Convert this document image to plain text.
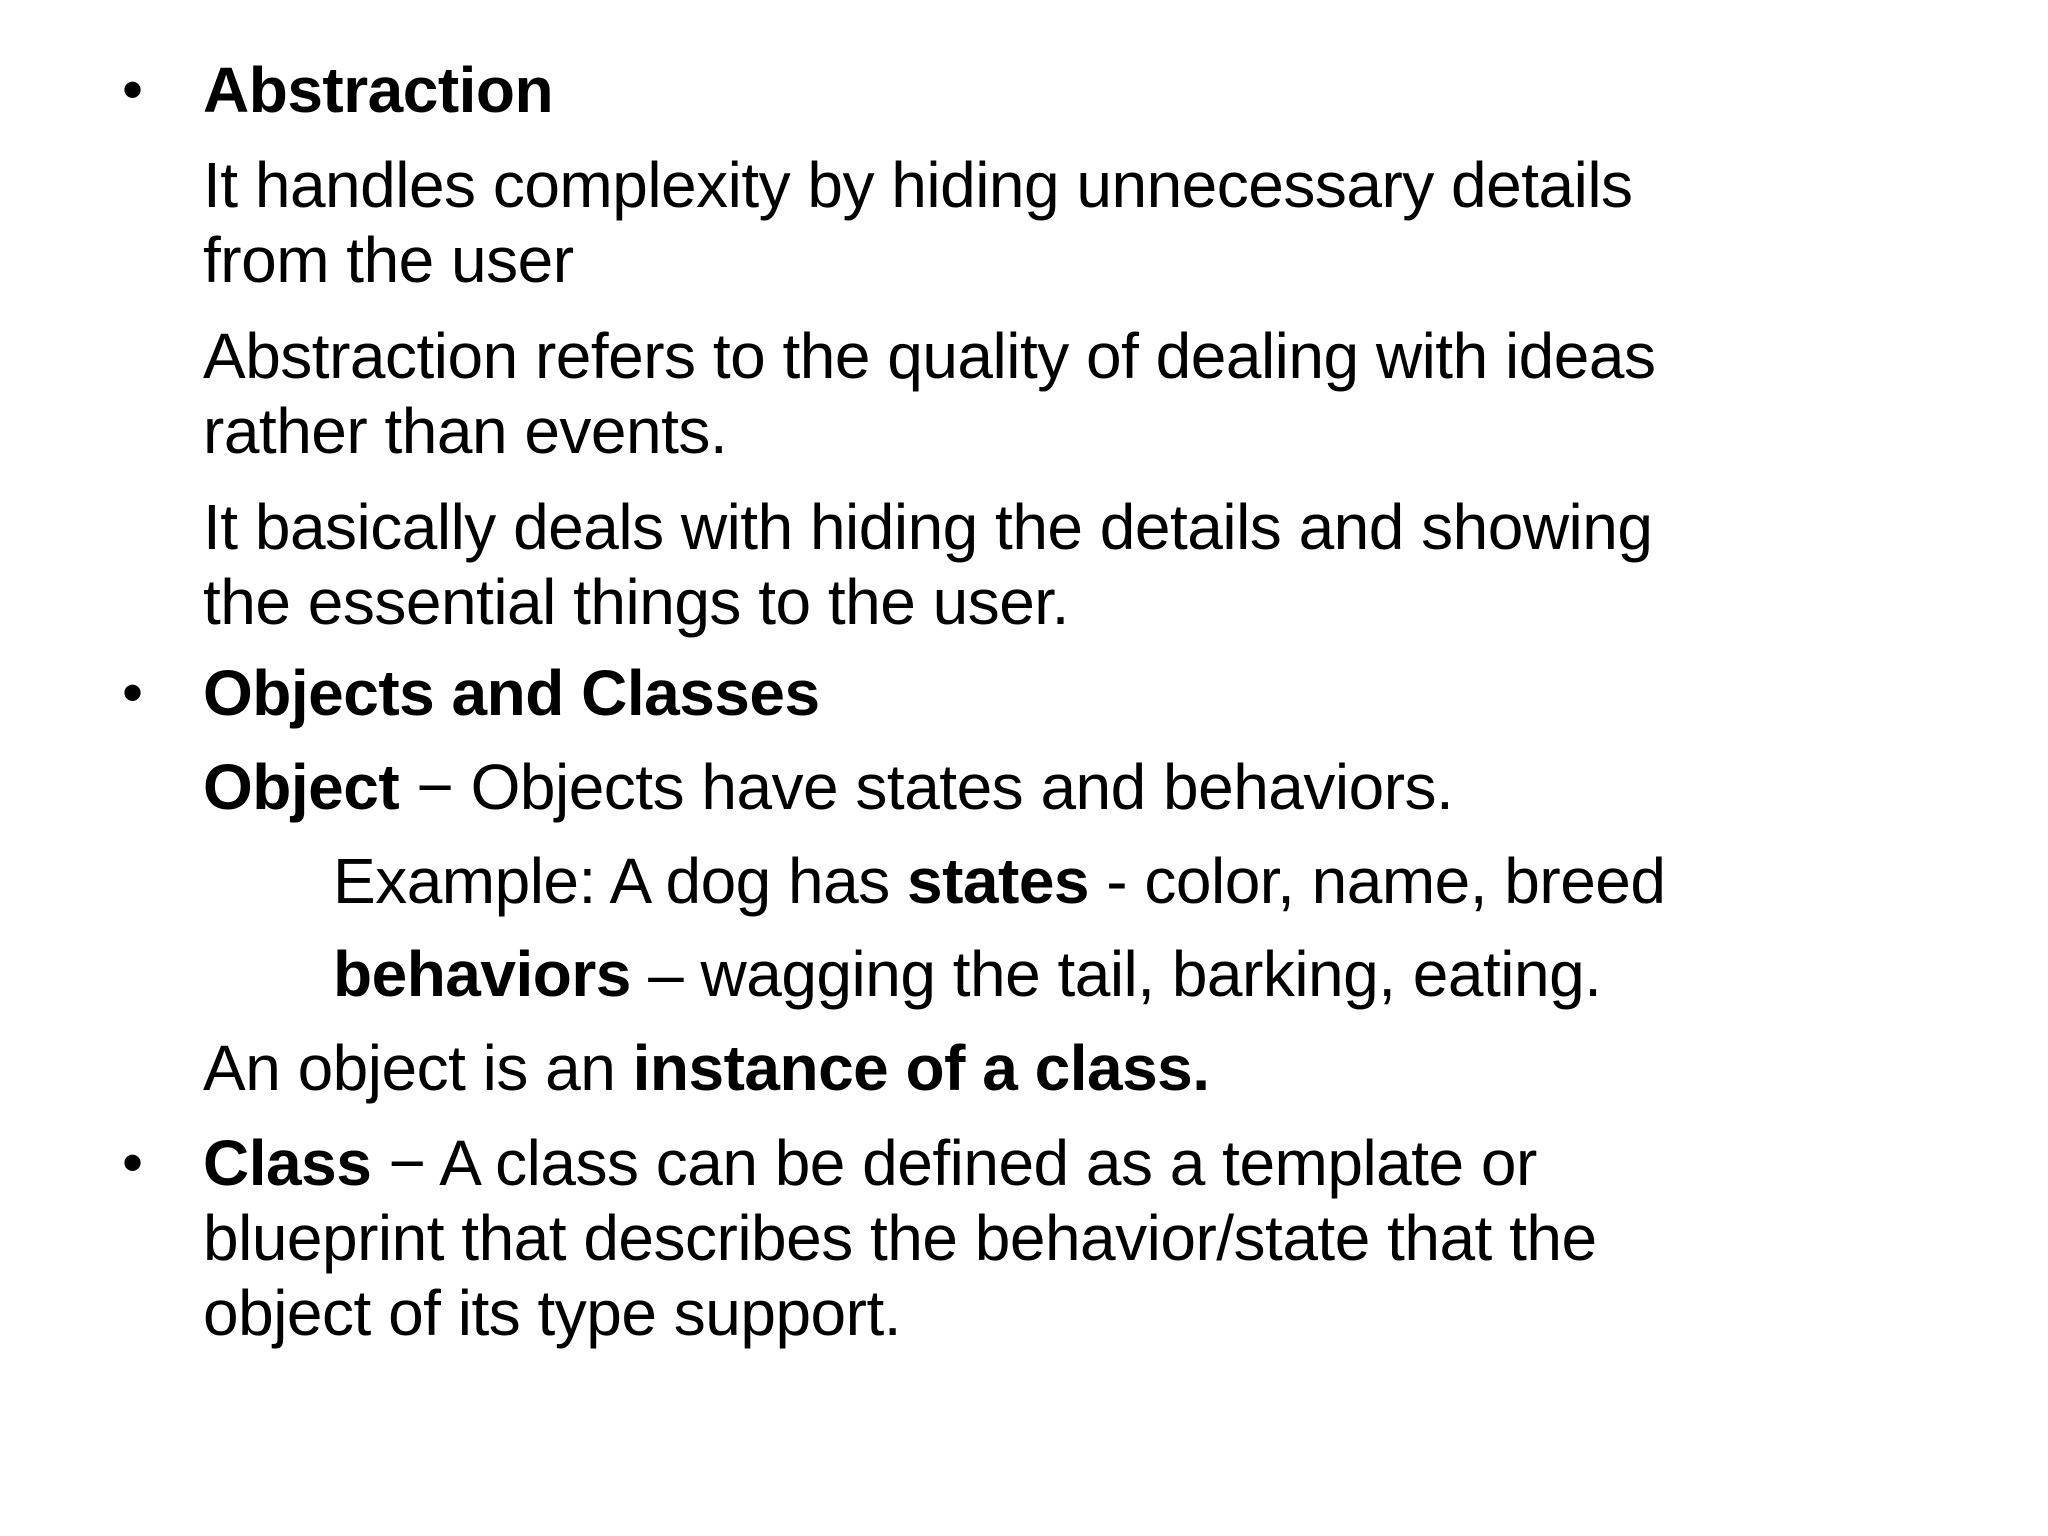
• Abstraction
It handles complexity by hiding unnecessary details
from the user
Abstraction refers to the quality of dealing with ideas
rather than events.
It basically deals with hiding the details and showing
the essential things to the user.
• Objects and Classes
Object − Objects have states and behaviors.
Example: A dog has states - color, name, breed
behaviors – wagging the tail, barking, eating.
An object is an instance of a class.
• Class − A class can be defined as a template or
blueprint that describes the behavior/state that the
object of its type support.
